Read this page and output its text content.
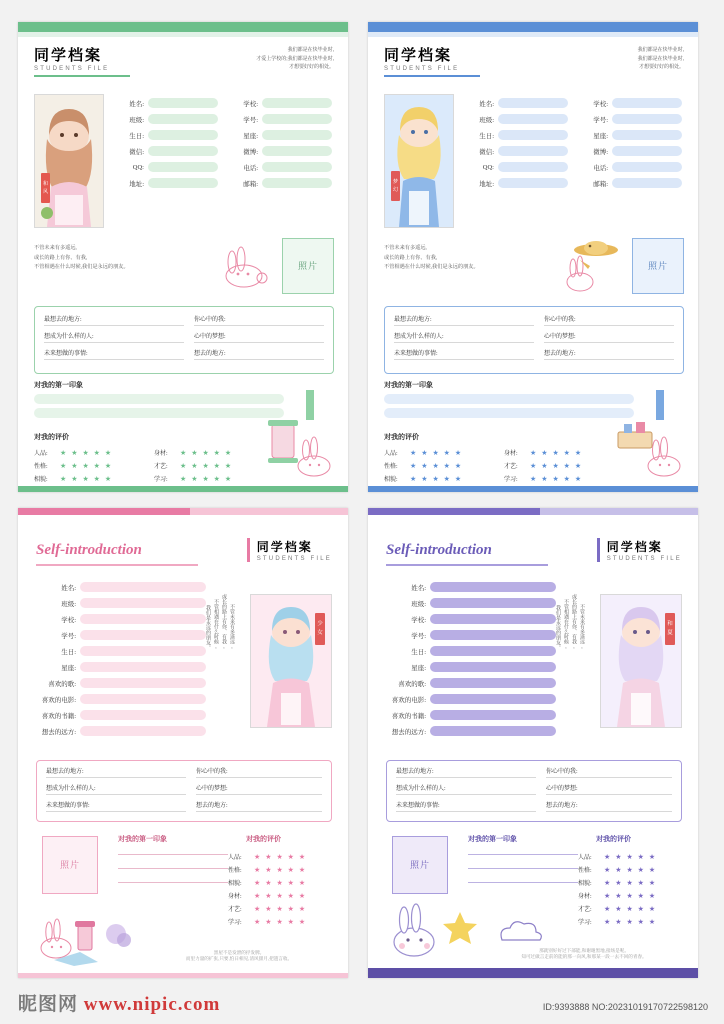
同学档案
STUDENTS FILE
我们都是在快毕业时,
才爱上学校的;我们都是在快毕业时,
才想要好好的相处。
和
风
姓名:
班级:
生日:
微信:
QQ:
地址:
学校:
学号:
星座:
微博:
电话:
邮箱:
不管未来有多遥远,
或长的路上有你、有我,
不管相遇在什么时候,我们是永远的朋友。	照片
最想去的地方:
想成为什么样的人:
未来想做的事情:
你心中的我:
心中的梦想:
想去的地方:
对我的第一印象
对我的评价
人品:	★ ★ ★ ★ ★
性格:	★ ★ ★ ★ ★
相貌:	★ ★ ★ ★ ★
身材:	★ ★ ★ ★ ★
才艺:	★ ★ ★ ★ ★
学习:	★ ★ ★ ★ ★
同学档案
STUDENTS FILE
我们都是在快毕业时,
我们都是在快毕业时,
才想要好好的相处。
梦
幻
姓名:
班级:
生日:
微信:
QQ:
地址:
学校:
学号:
星座:
微博:
电话:
邮箱:
不管未来有多遥远,
或长的路上有你、有我,
不管相遇在什么时候,我们是永远的朋友。	照片
最想去的地方:
想成为什么样的人:
未来想做的事情:
你心中的我:
心中的梦想:
想去的地方:
对我的第一印象
对我的评价
人品:	★ ★ ★ ★ ★
性格:	★ ★ ★ ★ ★
相貌:	★ ★ ★ ★ ★
身材:	★ ★ ★ ★ ★
才艺:	★ ★ ★ ★ ★
学习:	★ ★ ★ ★ ★
Self-introduction	同学档案
STUDENTS FILE
姓名:
班级:
学校:
学号:
生日:
星座:
喜欢的歌:
喜欢的电影:
喜欢的书籍:
想去的远方:
不管未来有多遥远,
或长的路上有你、有我,
不管相遇在什么时候,
我们是永远的朋友。	少
女
最想去的地方:
想成为什么样的人:
未来想做的事情:
你心中的我:
心中的梦想:
想去的地方:
照片
对我的第一印象	对我的评价
人品:	★ ★ ★ ★ ★
性格:	★ ★ ★ ★ ★
相貌:	★ ★ ★ ★ ★
身材:	★ ★ ★ ★ ★
才艺:	★ ★ ★ ★ ★
学习:	★ ★ ★ ★ ★
黑屋不是发泄的抒发脾。
而里力量的扩张,只要,怕日相见,清风甜月,把遗言收。
Self-introduction	同学档案
STUDENTS FILE
姓名:
班级:
学校:
学号:
生日:
星座:
喜欢的歌:
喜欢的电影:
喜欢的书籍:
想去的远方:
不管未来有多遥远,
或长的路上有你、有我,
不管相遇在什么时候,
我们是永远的朋友。	和
夏
最想去的地方:
想成为什么样的人:
未来想做的事情:
你心中的我:
心中的梦想:
想去的地方:
照片
对我的第一印象	对我的评价
人品:	★ ★ ★ ★ ★
性格:	★ ★ ★ ★ ★
相貌:	★ ★ ★ ★ ★
身材:	★ ★ ★ ★ ★
才艺:	★ ★ ★ ★ ★
学习:	★ ★ ★ ★ ★
那就别好好过下部能,和谢谢黑地,接场是呢。
知可过做言走前的能的那一向风,和那某一段一去不回的青春。
昵图网 www.nipic.com	ID:9393888 NO:20231019170722598120
